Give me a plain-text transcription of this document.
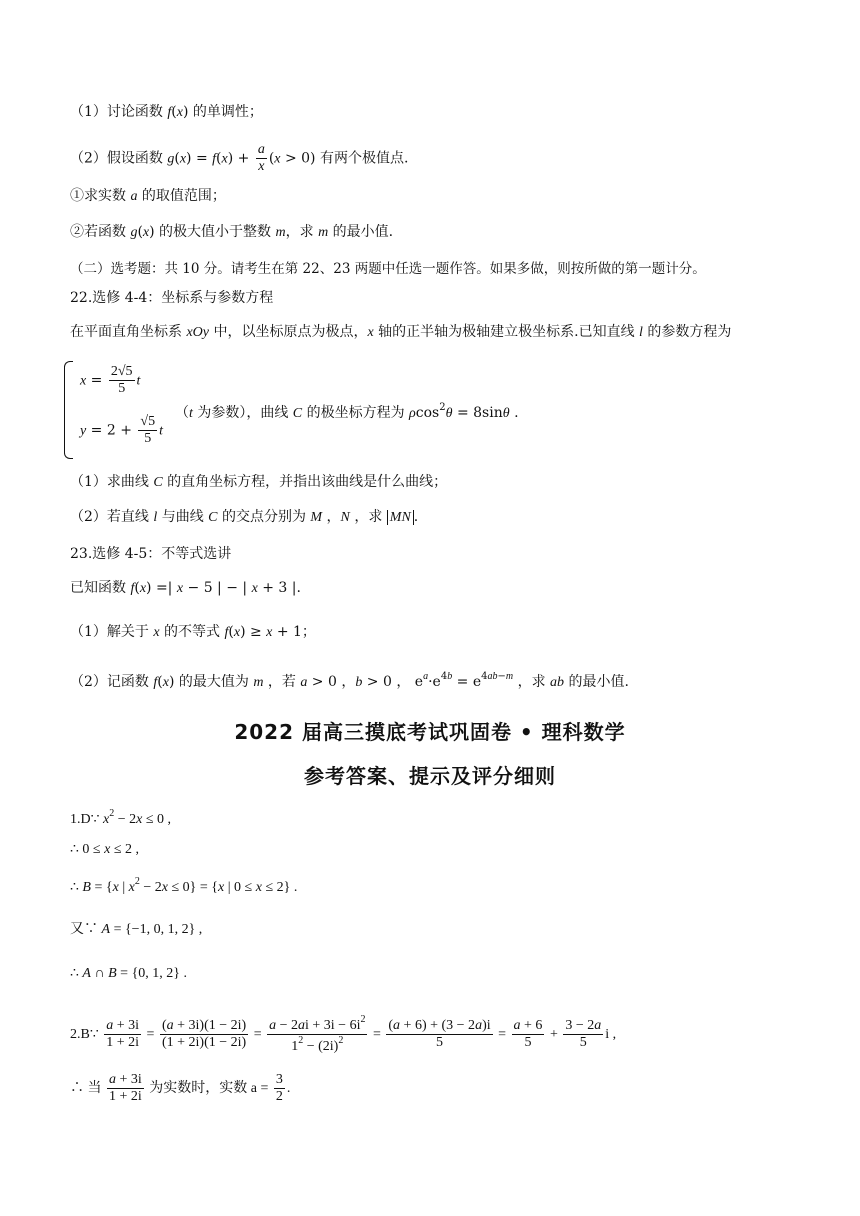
（1）讨论函数 f(x) 的单调性；
（2）假设函数 $g(x) = f(x) + \frac{a}{x} (x > 0)$ 有两个极值点.
①求实数 a 的取值范围；
②若函数 g(x) 的极大值小于整数 m，求 m 的最小值.
（二）选考题：共 10 分。请考生在第 22、23 两题中任选一题作答。如果多做，则按所做的第一题计分。
22.选修 4-4：坐标系与参数方程
在平面直角坐标系 xOy 中，以坐标原点为极点，x 轴的正半轴为极轴建立极坐标系.已知直线 l 的参数方程为
$x = \frac{2√5}{5}$ t
$y = 2 + \frac{√5}{5}$ t
（t 为参数），曲线 C 的极坐标方程为 ρcos$^2$θ = 8sinθ .
（1）求曲线 C 的直角坐标方程，并指出该曲线是什么曲线；
（2）若直线 l 与曲线 C 的交点分别为 M ，N ，求 MN .
23.选修 4-5：不等式选讲
已知函数 f(x) =| x − 5 | − | x + 3 |.
（1）解关于 x 的不等式 f(x) ≥ x + 1；
（2）记函数 f(x) 的最大值为 m ，若 a > 0 ，b > 0 ， $e^a\cdot e^{4b} = e^{4ab-m}$ ，求 ab 的最小值.
2022 届高三摸底考试巩固卷 • 理科数学
参考答案、提示及评分细则
1.D∵ $x^2 - 2x \le 0$ ,
∴ 0 ≤ x ≤ 2 ,
∴ B = {x | $x^2 - 2x \le 0\} = \{x$ | 0 ≤ x ≤ 2} .
又∵ A = {−1, 0, 1, 2} ,
∴ A ∩ B = {0, 1, 2} .
2.B∵ $\frac{a + 3i}{1 + 2i} = \frac{(a + 3i)(1 - 2i)}{(1 + 2i)(1 - 2i)} = \frac{a - 2ai + 3i - 6i^2}{1^2 - (2i)^2} = \frac{(a + 6) + (3 - 2a)i}{5} = \frac{a + 6}{5} + \frac{3 - 2a}{5}$ i ,
∴ 当 $\frac{a + 3i}{1 + 2i}$ 为实数时，实数 $a = \frac{3}{2}$ .
